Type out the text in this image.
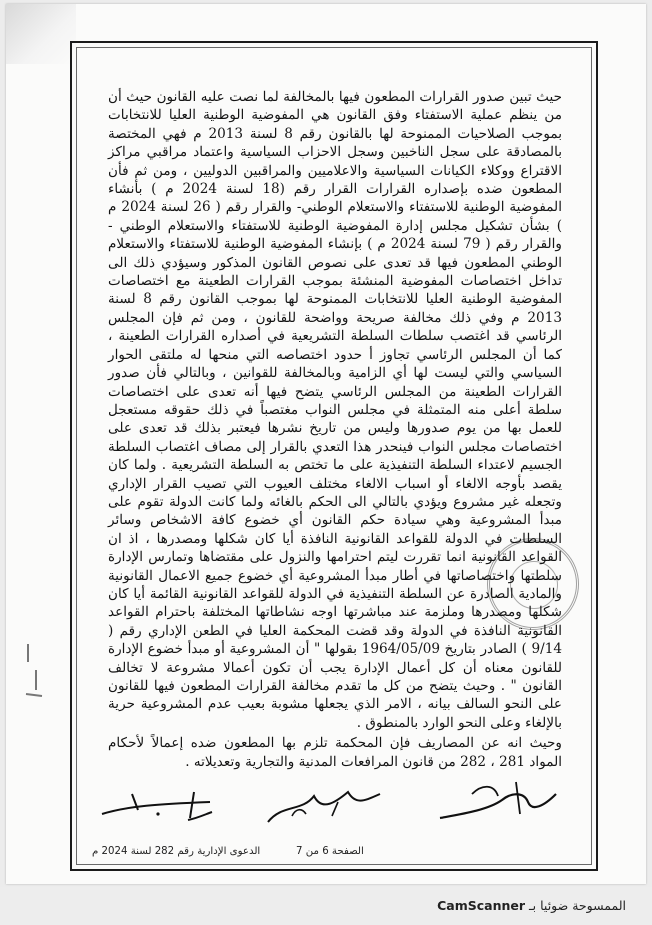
حيث تبين صدور القرارات المطعون فيها بالمخالفة لما نصت عليه القانون حيث أن من ينظم عملية الاستفتاء وفق القانون هي المفوضية الوطنية العليا للانتخابات بموجب الصلاحيات الممنوحة لها بالقانون رقم 8 لسنة 2013 م فهي المختصة بالمصادقة على سجل الناخبين وسجل الاحزاب السياسية واعتماد مراقبي مراكز الاقتراع ووكلاء الكيانات السياسية والاعلاميين والمراقبين الدوليين ، ومن ثم فأن المطعون ضده بإصداره القرارات القرار رقم (18 لسنة 2024 م ) بأنشاء المفوضية الوطنية للاستفتاء والاستعلام الوطني- والقرار رقم ( 26 لسنة 2024 م ) بشأن تشكيل مجلس إدارة المفوضية الوطنية للاستفتاء والاستعلام الوطني - والقرار رقم ( 79 لسنة 2024 م ) بإنشاء المفوضية الوطنية للاستفتاء والاستعلام الوطني المطعون فيها قد تعدى على نصوص القانون المذكور وسيؤدي ذلك الى تداخل اختصاصات المفوضية المنشئة بموجب القرارات الطعينة مع اختصاصات المفوضية الوطنية العليا للانتخابات الممنوحة لها بموجب القانون رقم 8 لسنة 2013 م وفي ذلك مخالفة صريحة وواضحة للقانون ، ومن ثم فإن المجلس الرئاسي قد اغتصب سلطات السلطة التشريعية في أصداره القرارات الطعينة ، كما أن المجلس الرئاسي تجاوز أ حدود اختصاصه التي منحها له ملتقى الحوار السياسي والتي ليست لها أي الزامية وبالمخالفة للقوانين ، وبالتالي فأن صدور القرارات الطعينة من المجلس الرئاسي يتضح فيها أنه تعدى على اختصاصات سلطة أعلى منه المتمثلة في مجلس النواب مغتصباً في ذلك حقوقه مستعجل للعمل بها من يوم صدورها وليس من تاريخ نشرها فيعتبر بذلك قد تعدى على اختصاصات مجلس النواب فينحدر هذا التعدي بالقرار إلى مصاف اغتصاب السلطة الجسيم لاعتداء السلطة التنفيذية على ما تختص به السلطة التشريعية . ولما كان يقصد بأوجه الالغاء أو اسباب الالغاء مختلف العيوب التي تصيب القرار الإداري وتجعله غير مشروع ويؤدي بالتالي الى الحكم بالغائه ولما كانت الدولة تقوم على مبدأ المشروعية وهي سيادة حكم القانون أي خضوع كافة الاشخاص وسائر السلطات في الدولة للقواعد القانونية النافذة أيا كان شكلها ومصدرها ، اذ ان القواعد القانونية انما تقررت ليتم احترامها والنزول على مقتضاها وتمارس الإدارة سلطتها واختصاصاتها في أطار مبدأ المشروعية أي خضوع جميع الاعمال القانونية والمادية الصادرة عن السلطة التنفيذية في الدولة للقواعد القانونية القائمة أيا كان شكلها ومصدرها وملزمة عند مباشرتها اوجه نشاطاتها المختلفة باحترام القواعد القانونية النافذة في الدولة وقد قضت المحكمة العليا في الطعن الإداري رقم ( 9/14 ) الصادر بتاريخ 1964/05/09 بقولها " أن المشروعية أو مبدأ خضوع الإدارة للقانون معناه أن كل أعمال الإدارة يجب أن تكون أعمالا مشروعة لا تخالف القانون " . وحيث يتضح من كل ما تقدم مخالفة القرارات المطعون فيها للقانون على النحو السالف بيانه ، الامر الذي يجعلها مشوبة بعيب عدم المشروعية حرية بالإلغاء وعلى النحو الوارد بالمنطوق .

وحيث انه عن المصاريف فإن المحكمة تلزم بها المطعون ضده إعمالاً لأحكام المواد 281 ، 282 من قانون المرافعات المدنية والتجارية وتعديلاته .

الصفحة 6 من 7
الدعوى الإدارية رقم 282 لسنة 2024 م
CamScanner الممسوحة ضوئيا بـ
